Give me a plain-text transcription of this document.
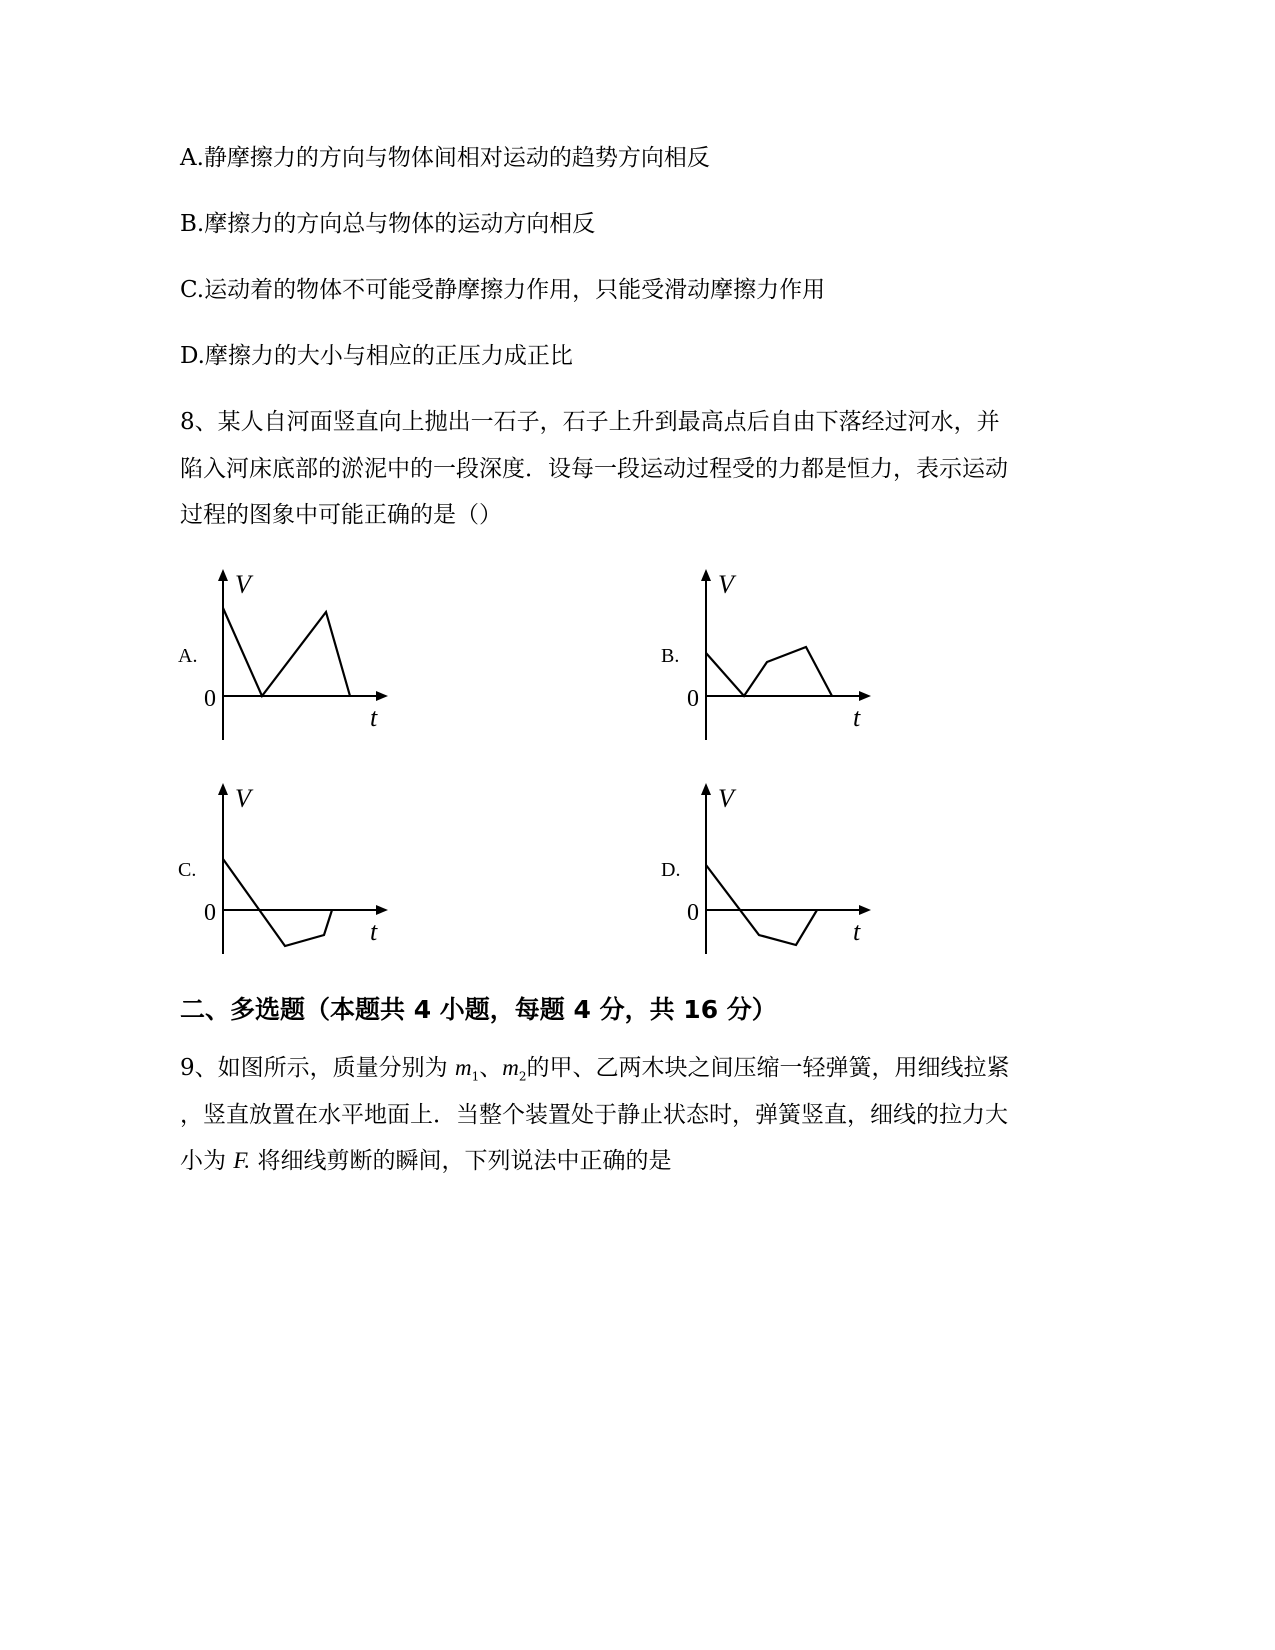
A.静摩擦力的方向与物体间相对运动的趋势方向相反
B.摩擦力的方向总与物体的运动方向相反
C.运动着的物体不可能受静摩擦力作用，只能受滑动摩擦力作用
D.摩擦力的大小与相应的正压力成正比
8、某人自河面竖直向上抛出一石子，石子上升到最高点后自由下落经过河水，并
陷入河床底部的淤泥中的一段深度．设每一段运动过程受的力都是恒力，表示运动
过程的图象中可能正确的是（）
V
t
0
A.
V
t
0
B.
V
t
0
C.
V
t
0
D.
二、多选题（本题共 4 小题，每题 4 分，共 16 分）
9、如图所示，质量分别为 $m_1$、$m_2$的甲、乙两木块之间压缩一轻弹簧，用细线拉紧
，竖直放置在水平地面上．当整个装置处于静止状态时，弹簧竖直，细线的拉力大
小为 F. 将细线剪断的瞬间，下列说法中正确的是
